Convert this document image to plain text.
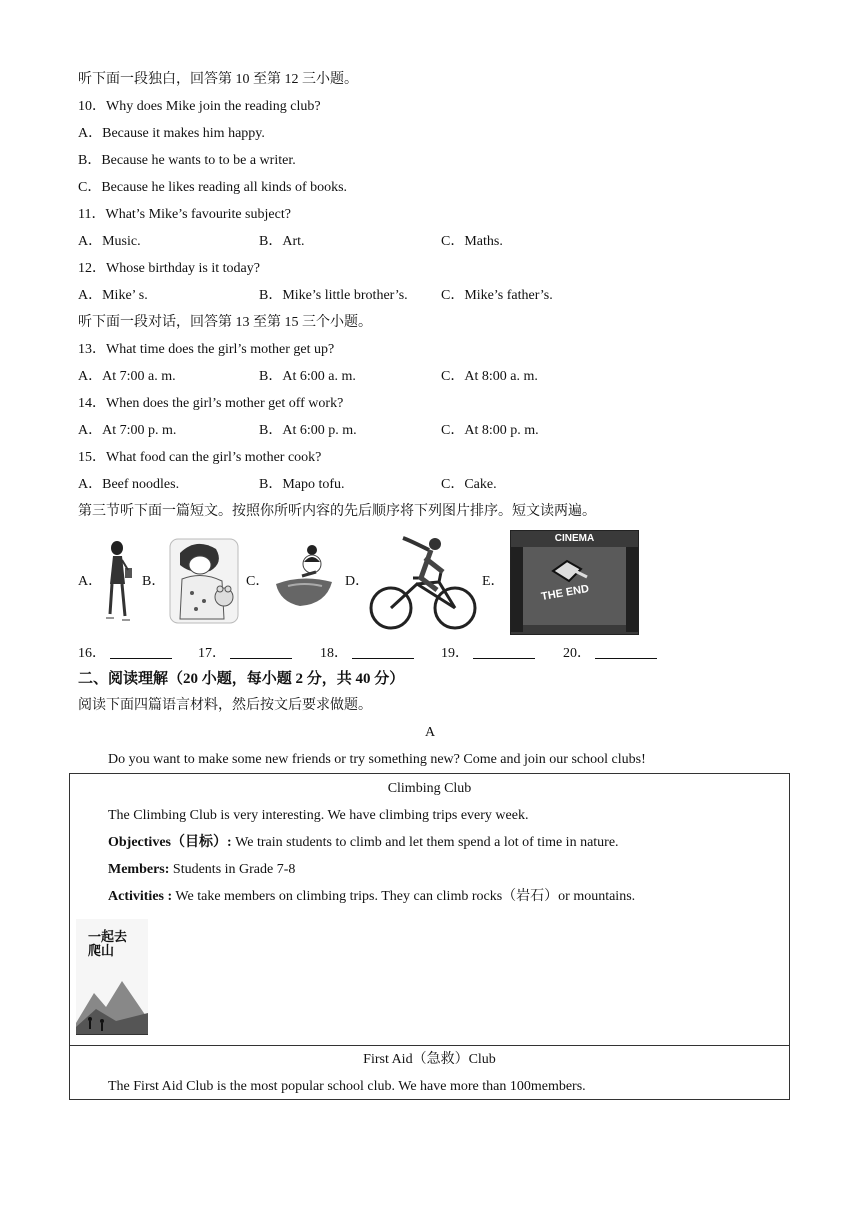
听下面一段独白，回答第 10 至第 12 三小题。
10．Why does Mike join the reading club?
A．Because it makes him happy.
B．Because he wants to to be a writer.
C．Because he likes reading all kinds of books.
11．What’s Mike’s favourite subject?
A．Music.	B．Art.	C．Maths.
12．Whose birthday is it today?
A．Mike’ s.	B．Mike’s little brother’s. C．Mike’s father’s.
听下面一段对话，回答第 13 至第 15 三个小题。
13．What time does the girl’s mother get up?
A．At 7:00 a. m.	B．At 6:00 a. m.	C．At 8:00 a. m.
14．When does the girl’s mother get off work?
A．At 7:00 p. m.	B．At 6:00 p. m.	C．At 8:00 p. m.
15．What food can the girl’s mother cook?
A．Beef noodles.	B．Mapo tofu.	C．Cake.
第三节听下面一篇短文。按照你所听内容的先后顺序将下列图片排序。短文读两遍。
A．	B．	C．	D．	E．
CINEMA
THE END
16．	17．	18．	19．	20．
二、阅读理解（20 小题，每小题 2 分，共 40 分）
阅读下面四篇语言材料，然后按文后要求做题。
A
Do you want to make some new friends or try something new? Come and join our school clubs!
Climbing Club
The Climbing Club is very interesting. We have climbing trips every week.
Objectives（目标）: We train students to climb and let them spend a lot of time in nature.
Members: Students in Grade 7-8
Activities : We take members on climbing trips. They can climb rocks（岩石）or mountains.
一起去爬山
First Aid（急救）Club
The First Aid Club is the most popular school club. We have more than 100members.
